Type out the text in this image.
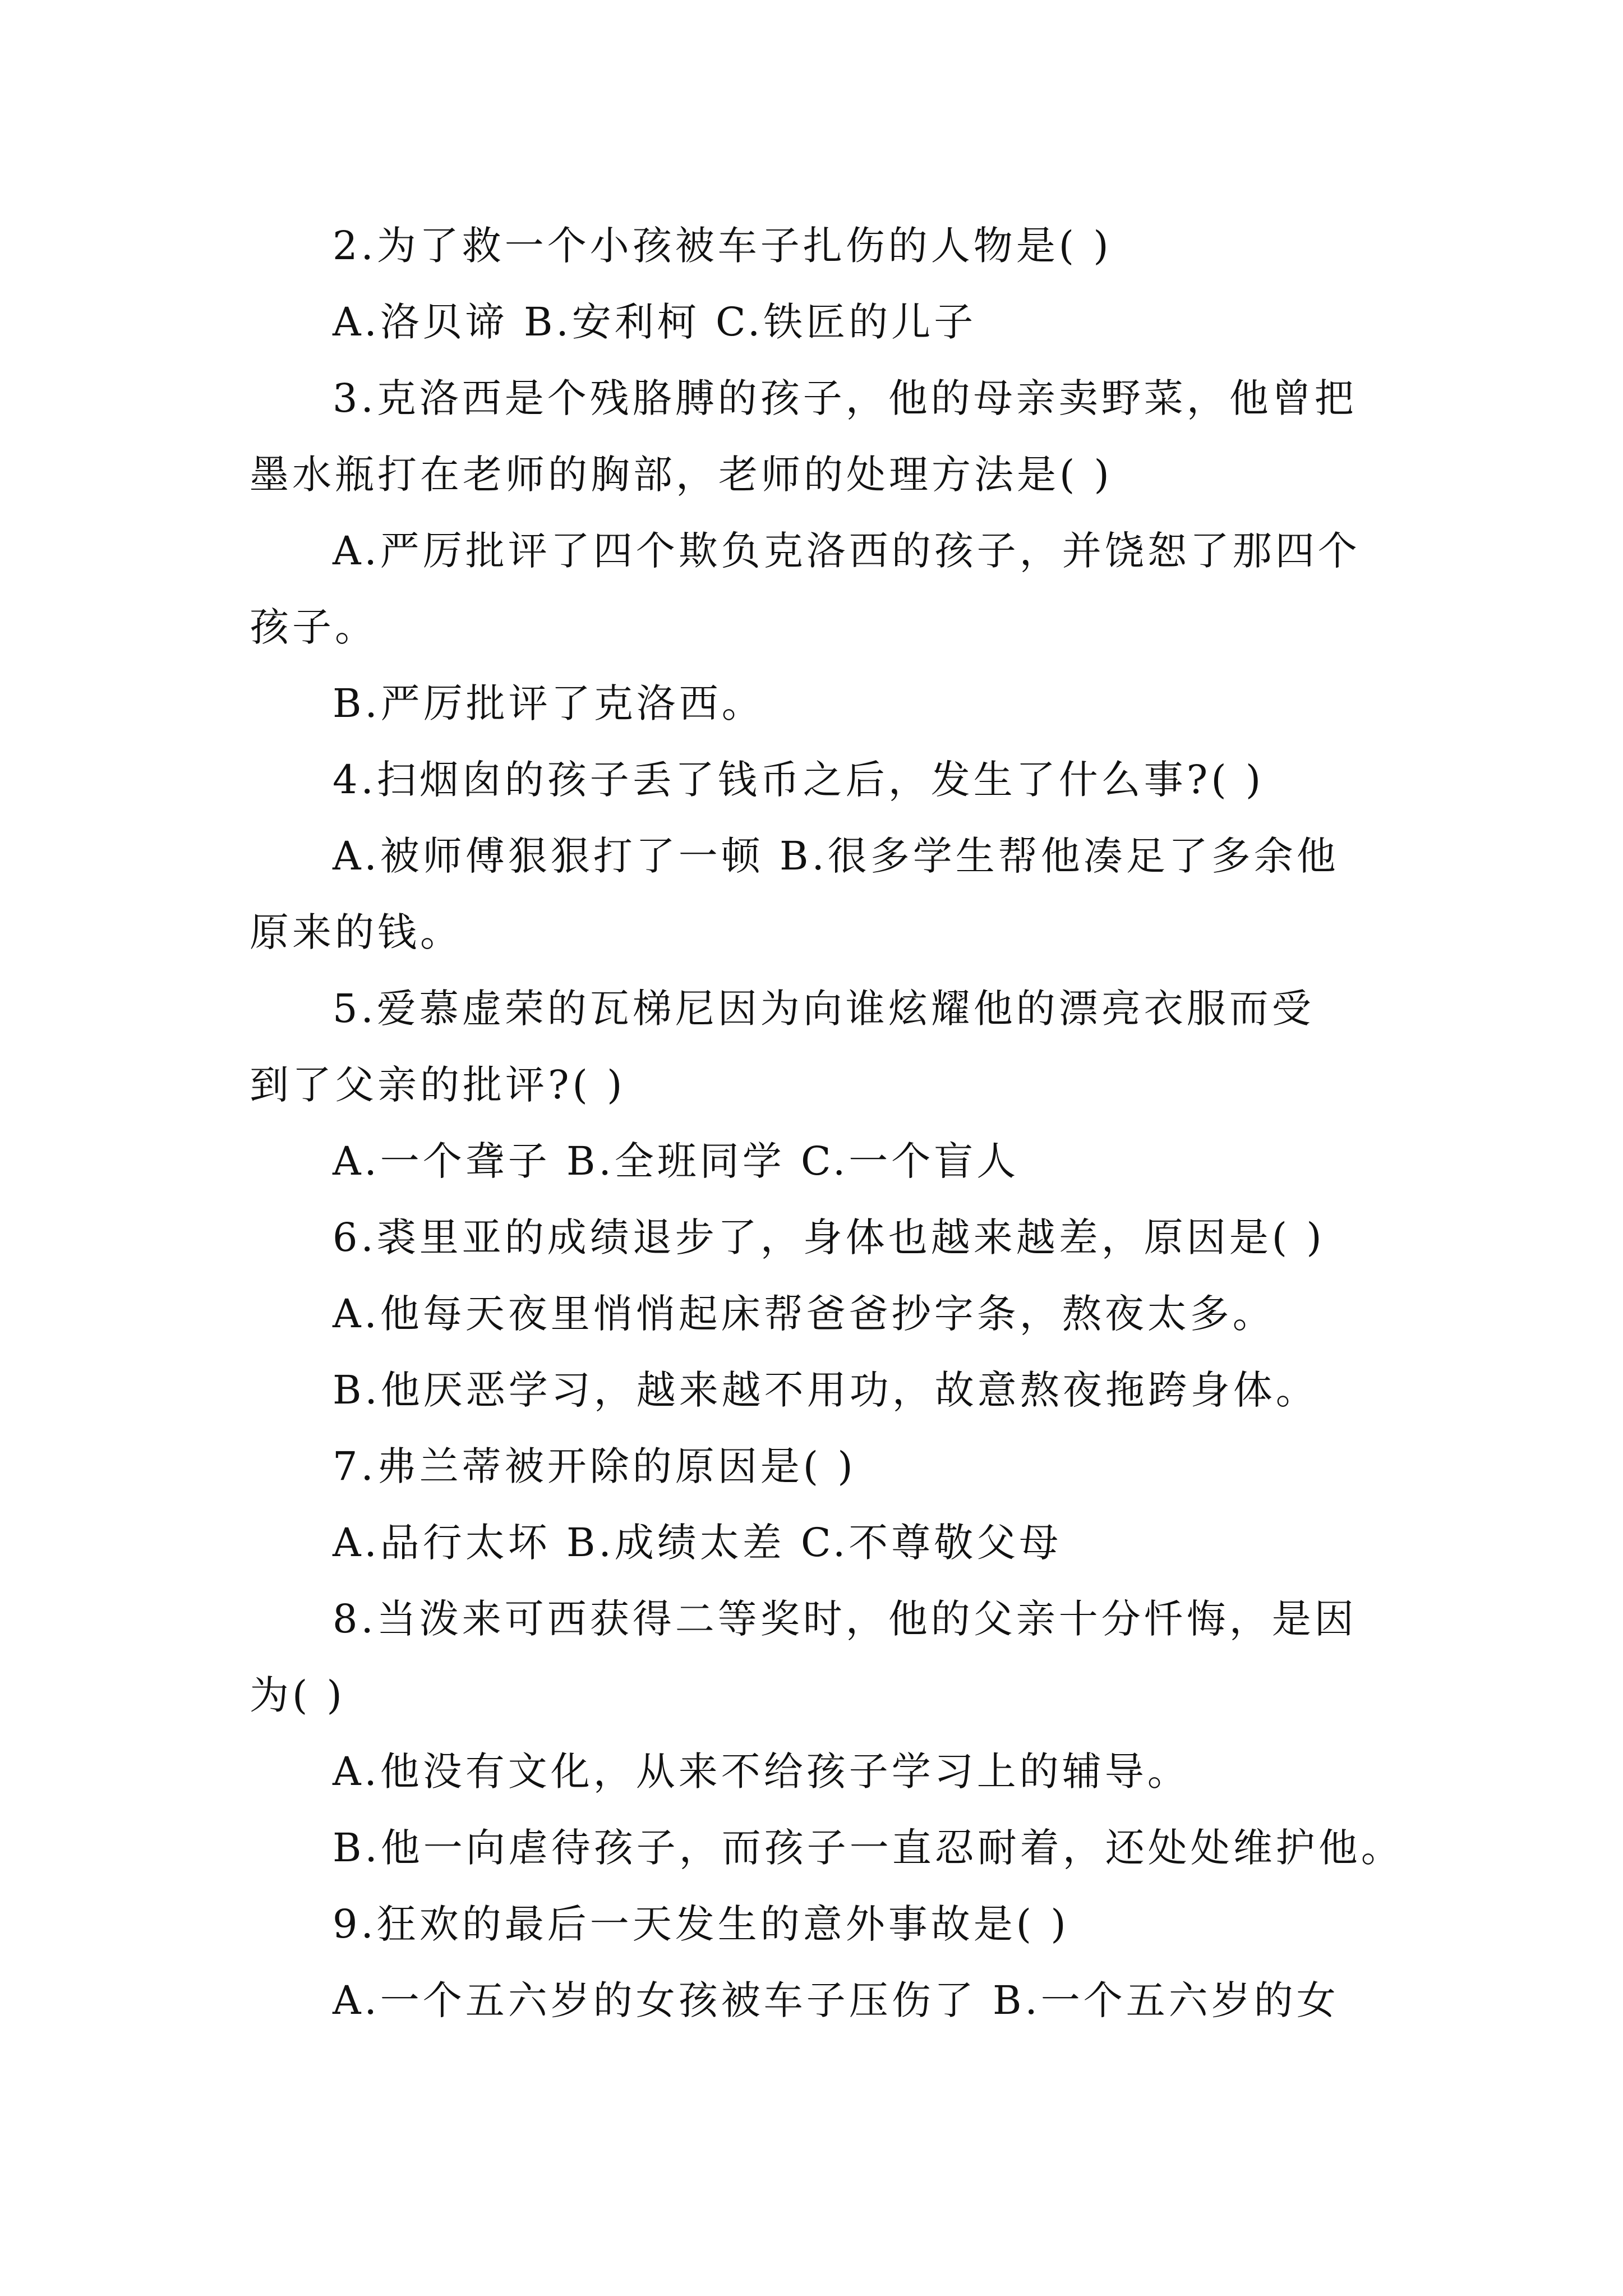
2.为了救一个小孩被车子扎伤的人物是( )
A.洛贝谛 B.安利柯 C.铁匠的儿子
3.克洛西是个残胳膊的孩子，他的母亲卖野菜，他曾把
墨水瓶打在老师的胸部，老师的处理方法是( )
A.严厉批评了四个欺负克洛西的孩子，并饶恕了那四个
孩子。
B.严厉批评了克洛西。
4.扫烟囱的孩子丢了钱币之后，发生了什么事?( )
A.被师傅狠狠打了一顿 B.很多学生帮他凑足了多余他
原来的钱。
5.爱慕虚荣的瓦梯尼因为向谁炫耀他的漂亮衣服而受
到了父亲的批评?( )
A.一个聋子 B.全班同学 C.一个盲人
6.裘里亚的成绩退步了，身体也越来越差，原因是( )
A.他每天夜里悄悄起床帮爸爸抄字条，熬夜太多。
B.他厌恶学习，越来越不用功，故意熬夜拖跨身体。
7.弗兰蒂被开除的原因是( )
A.品行太坏 B.成绩太差 C.不尊敬父母
8.当泼来可西获得二等奖时，他的父亲十分忏悔，是因
为( )
A.他没有文化，从来不给孩子学习上的辅导。
B.他一向虐待孩子，而孩子一直忍耐着，还处处维护他。
9.狂欢的最后一天发生的意外事故是( )
A.一个五六岁的女孩被车子压伤了 B.一个五六岁的女
